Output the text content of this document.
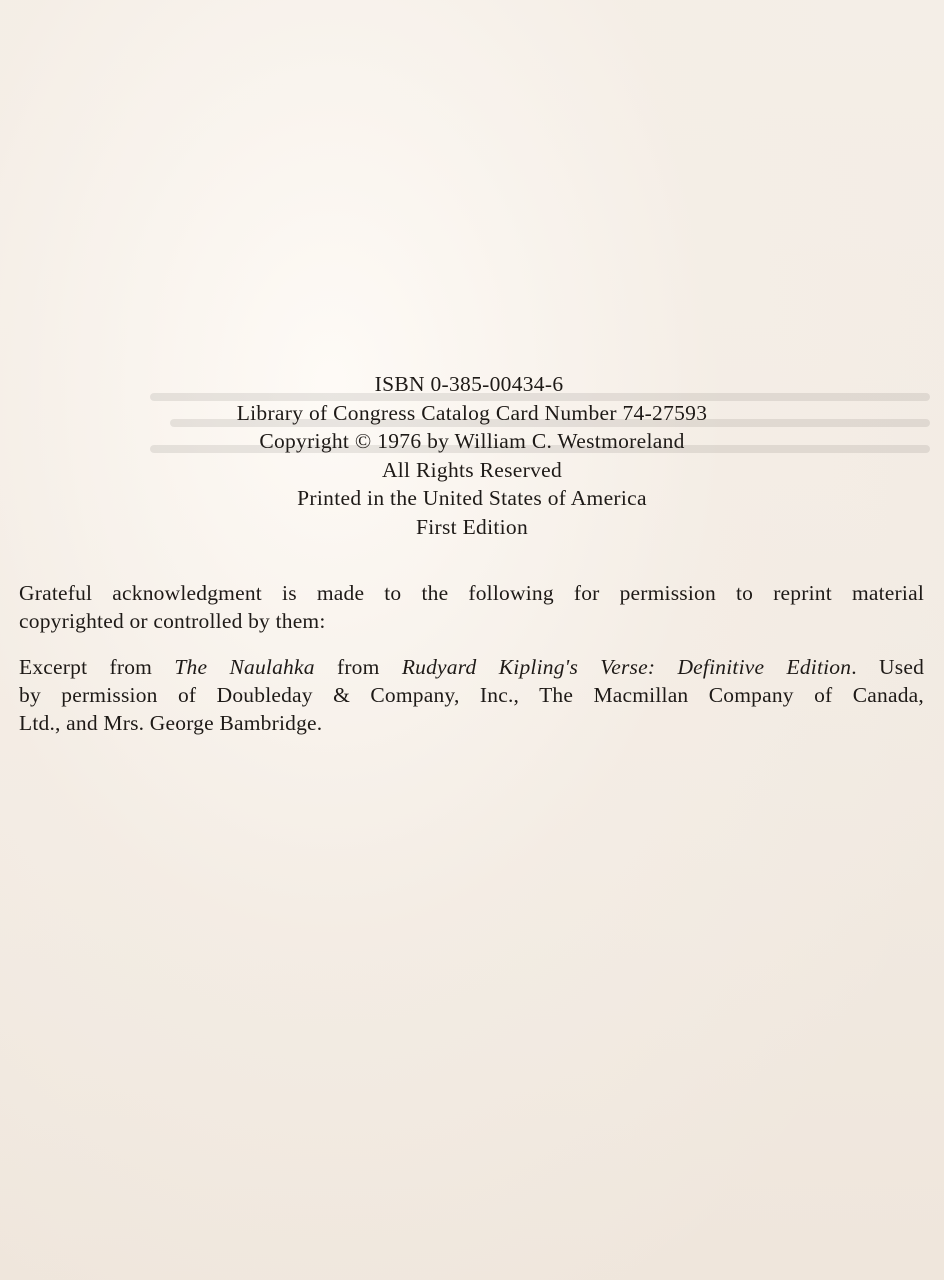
ISBN 0-385-00434-6
Library of Congress Catalog Card Number 74-27593
Copyright © 1976 by William C. Westmoreland
All Rights Reserved
Printed in the United States of America
First Edition
Grateful acknowledgment is made to the following for permission to reprint material
copyrighted or controlled by them:
Excerpt from The Naulahka from Rudyard Kipling's Verse: Definitive Edition. Used
by permission of Doubleday & Company, Inc., The Macmillan Company of Canada,
Ltd., and Mrs. George Bambridge.
